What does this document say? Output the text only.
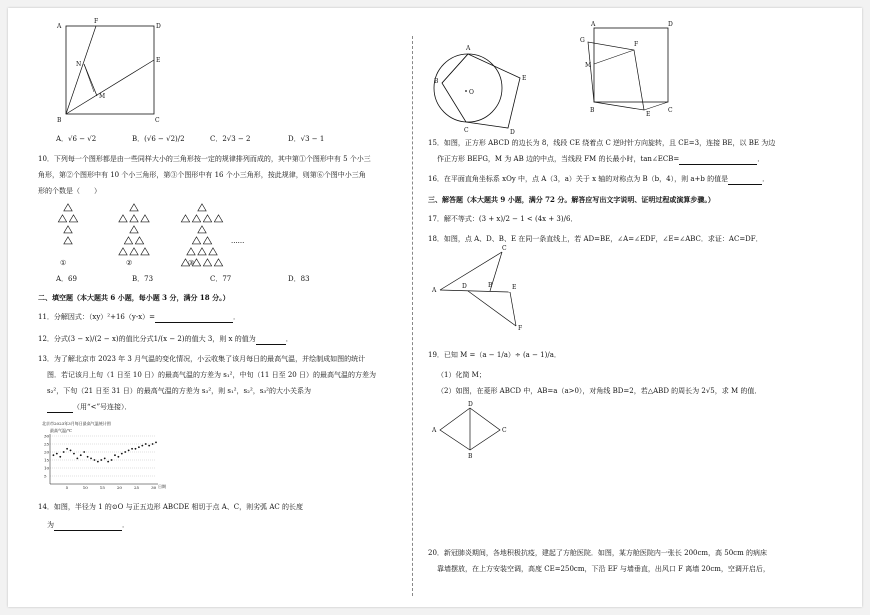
A
F
D
E
N
M
B	C
A．√6 − √2	B．(√6 − √2)/2	C．2√3 − 2	D．√3 − 1
10．下列每一个图形都是由一些同样大小的三角形按一定的规律排列而成的，其中第①个图形中有 5 个小三
角形，第②个图形中有 10 个小三角形，第③个图形中有 16 个小三角形，按此规律，则第⑥个图中小三角
形的个数是（　　）
①	②	③
······
A．69	B．73	C．77	D．83
二、填空题（本大题共 6 小题，每小题 3 分，满分 18 分。）
11．分解因式：（xy）²+16（y-x）=	．
12．分式(3 − x)/(2 − x)的值比分式1/(x − 2)的值大 3，则 x 的值为	．
13．为了解北京市 2023 年 3 月气温的变化情况，小云收集了该月每日的最高气温，并绘制成如图的统计
图．若记该月上旬（1 日至 10 日）的最高气温的方差为 s₁²，中旬（11 日至 20 日）的最高气温的方差为
s₂²，下旬（21 日至 31 日）的最高气温的方差为 s₃²，则 s₁²，s₂²，s₃²的大小关系为
（用“<”号连接）．
北京市2023年3月每日最高气温统计图
最高气温/℃
日期
5
10
15
20
25
30
5	10	15	20	25	30
14．如图，半径为 1 的⊙O 与正五边形 ABCDE 相切于点 A、C，则劣弧 AC 的长度
为	．
A
E
B
O
C	D
A	D
F
G
M
E
B	C
15．如图，正方形 ABCD 的边长为 8，线段 CE 绕着点 C 逆时针方向旋转，且 CE=3，连接 BE，以 BE 为边
作正方形 BEFG，M 为 AB 边的中点，当线段 FM 的长最小时，tan∠ECB=	．
16．在平面直角坐标系 xOy 中，点 A（3，a）关于 x 轴的对称点为 B（b，4），则 a+b 的值是	．
三、解答题（本大题共 9 小题，满分 72 分。解答应写出文字说明、证明过程或演算步骤。）
17．解不等式：(3 + x)/2 − 1 < (4x + 3)/6．
18．如图，点 A、D、B、E 在同一条直线上，若 AD=BE，∠A=∠EDF，∠E=∠ABC．求证：AC=DF．
A
C
D	B	E
F
19．已知 M =（a − 1/a）÷ (a − 1)/a．
（1）化简 M；
（2）如图，在菱形 ABCD 中，AB=a（a>0），对角线 BD=2，若△ABD 的周长为 2√5，求 M 的值．
A
D
C
B
20．新冠肺炎期间，各地积极抗疫，建起了方舱医院．如图，某方舱医院内一张长 200cm，高 50cm 的病床
靠墙摆放，在上方安装空调，高度 CE=250cm，下沿 EF 与墙垂直，出风口 F 离墙 20cm，空调开启后，
